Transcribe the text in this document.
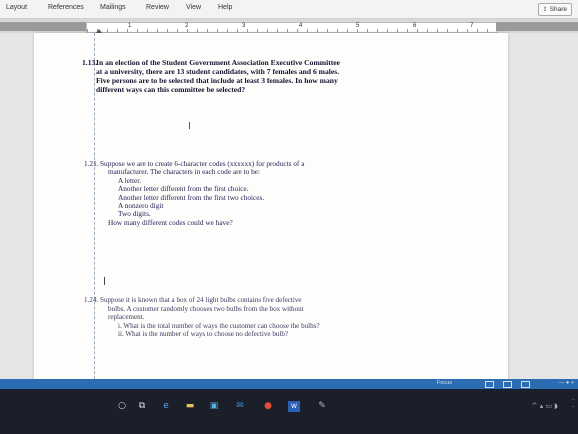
Layout	References Mailings	Review View Help	⇪ Share
1	2	3	4	5	6	7
1.13.
In an election of the Student Government Association Executive Committee
at a university, there are 13 student candidates, with 7 females and 6 males.
Five persons are to be selected that include at least 3 females. In how many
different ways can this committee be selected?
I
1.21. Suppose we are to create 6-character codes (xxxxxx) for products of a
manufacturer. The characters in each code are to be:
A letter.
Another letter different from the first choice.
Another letter different from the first two choices.
A nonzero digit
Two digits.
How many different codes could we have?
1.24. Suppose it is known that a box of 24 light bulbs contains five defective
bulbs. A customer randomly chooses two bulbs from the box without
replacement.
i. What is the total number of ways the customer can choose the bulbs?
ii. What is the number of ways to choose no defective bulb?
Focus	— ● +
○	⧉	e	▬ ▣ ✉ ●	W	✎	^ ▴ ▭ ◗
··
··
